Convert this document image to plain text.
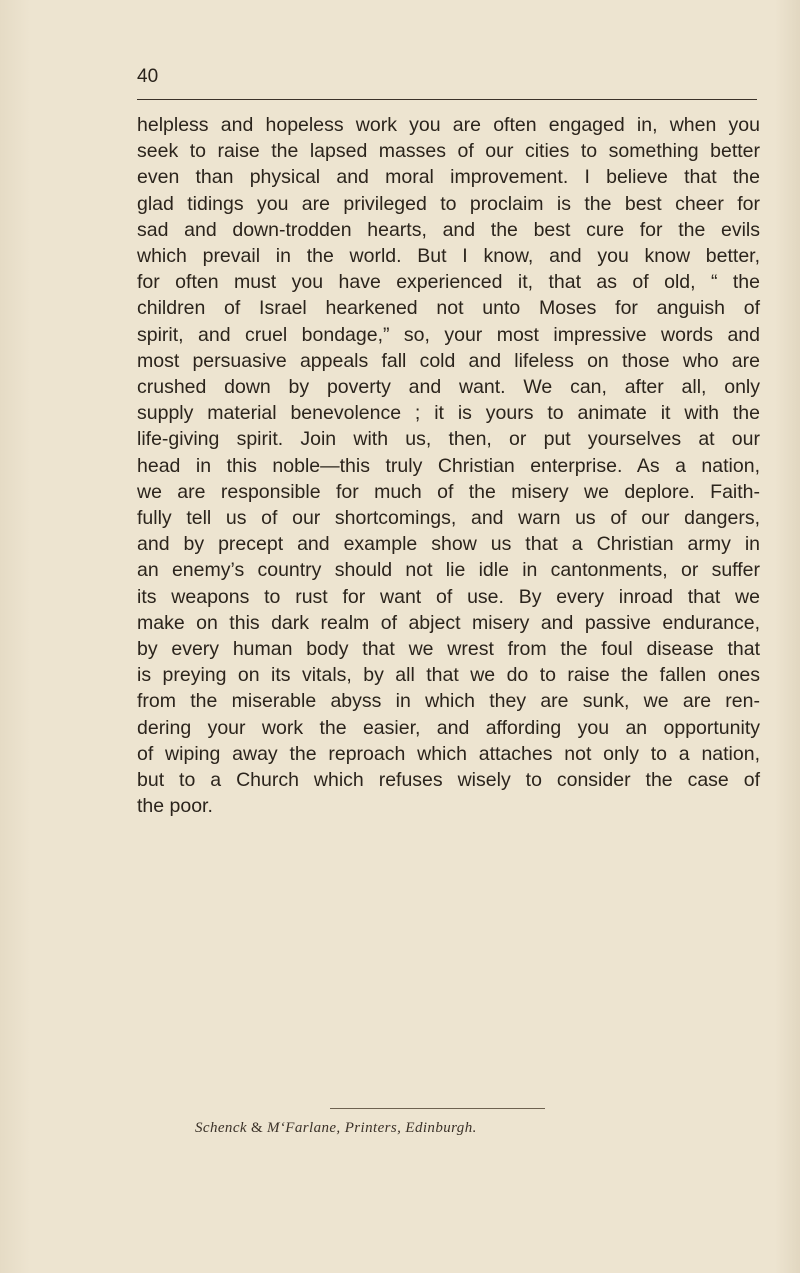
40
helpless and hopeless work you are often engaged in, when you
seek to raise the lapsed masses of our cities to something better
even than physical and moral improvement. I believe that the
glad tidings you are privileged to proclaim is the best cheer for
sad and down-trodden hearts, and the best cure for the evils
which prevail in the world. But I know, and you know better,
for often must you have experienced it, that as of old, “ the
children of Israel hearkened not unto Moses for anguish of
spirit, and cruel bondage,” so, your most impressive words and
most persuasive appeals fall cold and lifeless on those who are
crushed down by poverty and want. We can, after all, only
supply material benevolence ; it is yours to animate it with the
life-giving spirit. Join with us, then, or put yourselves at our
head in this noble—this truly Christian enterprise. As a nation,
we are responsible for much of the misery we deplore. Faith-
fully tell us of our shortcomings, and warn us of our dangers,
and by precept and example show us that a Christian army in
an enemy’s country should not lie idle in cantonments, or suffer
its weapons to rust for want of use. By every inroad that we
make on this dark realm of abject misery and passive endurance,
by every human body that we wrest from the foul disease that
is preying on its vitals, by all that we do to raise the fallen ones
from the miserable abyss in which they are sunk, we are ren-
dering your work the easier, and affording you an opportunity
of wiping away the reproach which attaches not only to a nation,
but to a Church which refuses wisely to consider the case of
the poor.
Schenck & M‘Farlane, Printers, Edinburgh.
